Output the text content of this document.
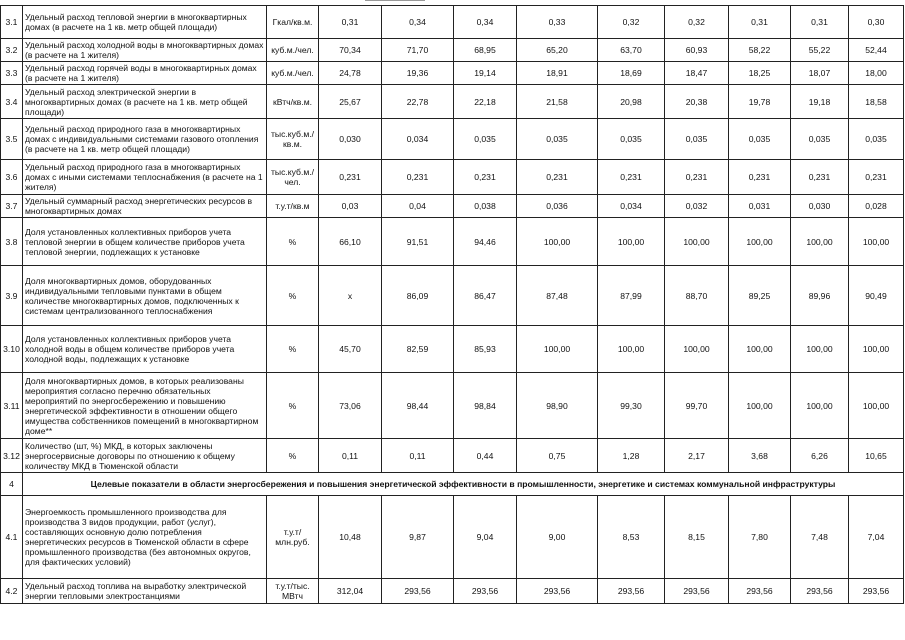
3.1	Удельный расход тепловой энергии в многоквартирных домах (в расчете на 1 кв. метр общей площади)	Гкал/кв.м.	0,31	0,34	0,34	0,33	0,32	0,32	0,31	0,31	0,30
3.2	Удельный расход холодной воды в многоквартирных домах (в расчете на 1 жителя)	куб.м./чел.	70,34	71,70	68,95	65,20	63,70	60,93	58,22	55,22	52,44
3.3	Удельный расход горячей воды в многоквартирных домах (в расчете на 1 жителя)	куб.м./чел.	24,78	19,36	19,14	18,91	18,69	18,47	18,25	18,07	18,00
3.4	Удельный расход электрической энергии в многоквартирных домах (в расчете на 1 кв. метр общей площади)	кВтч/кв.м.	25,67	22,78	22,18	21,58	20,98	20,38	19,78	19,18	18,58
3.5	Удельный расход природного газа в многоквартирных домах с индивидуальными системами газового отопления (в расчете на 1 кв. метр общей площади)	тыс.куб.м./кв.м.	0,030	0,034	0,035	0,035	0,035	0,035	0,035	0,035	0,035
3.6	Удельный расход природного газа в многоквартирных домах с иными системами теплоснабжения (в расчете на 1 жителя)	тыс.куб.м./чел.	0,231	0,231	0,231	0,231	0,231	0,231	0,231	0,231	0,231
3.7	Удельный суммарный расход энергетических ресурсов в многоквартирных домах	т.у.т/кв.м	0,03	0,04	0,038	0,036	0,034	0,032	0,031	0,030	0,028
3.8	Доля установленных коллективных приборов учета тепловой энергии в общем количестве приборов учета тепловой энергии, подлежащих к установке	%	66,10	91,51	94,46	100,00	100,00	100,00	100,00	100,00	100,00
3.9	Доля многоквартирных домов, оборудованных индивидуальными тепловыми пунктами в общем количестве многоквартирных домов, подключенных к системам централизованного теплоснабжения	%	х	86,09	86,47	87,48	87,99	88,70	89,25	89,96	90,49
3.10	Доля установленных коллективных приборов учета холодной воды в общем количестве приборов учета холодной воды, подлежащих к установке	%	45,70	82,59	85,93	100,00	100,00	100,00	100,00	100,00	100,00
3.11	Доля многоквартирных домов, в которых реализованы мероприятия согласно перечню обязательных мероприятий по энергосбережению и повышению энергетической эффективности в отношении общего имущества собственников помещений в многоквартирном доме**	%	73,06	98,44	98,84	98,90	99,30	99,70	100,00	100,00	100,00
3.12	Количество (шт, %) МКД, в которых заключены энергосервисные договоры по отношению к общему количеству МКД в Тюменской области	%	0,11	0,11	0,44	0,75	1,28	2,17	3,68	6,26	10,65
4	Целевые показатели в области энергосбережения и повышения энергетической эффективности в промышленности, энергетике и системах коммунальной инфраструктуры										
4.1	Энергоемкость промышленного производства для производства 3 видов продукции, работ (услуг), составляющих основную долю потребления энергетических ресурсов в Тюменской области в сфере промышленного производства (без автономных округов, для фактических условий)	т.у.т/млн.руб.	10,48	9,87	9,04	9,00	8,53	8,15	7,80	7,48	7,04
4.2	Удельный расход топлива на выработку электрической энергии тепловыми электростанциями	т.у.т/тыс. МВтч	312,04	293,56	293,56	293,56	293,56	293,56	293,56	293,56	293,56
